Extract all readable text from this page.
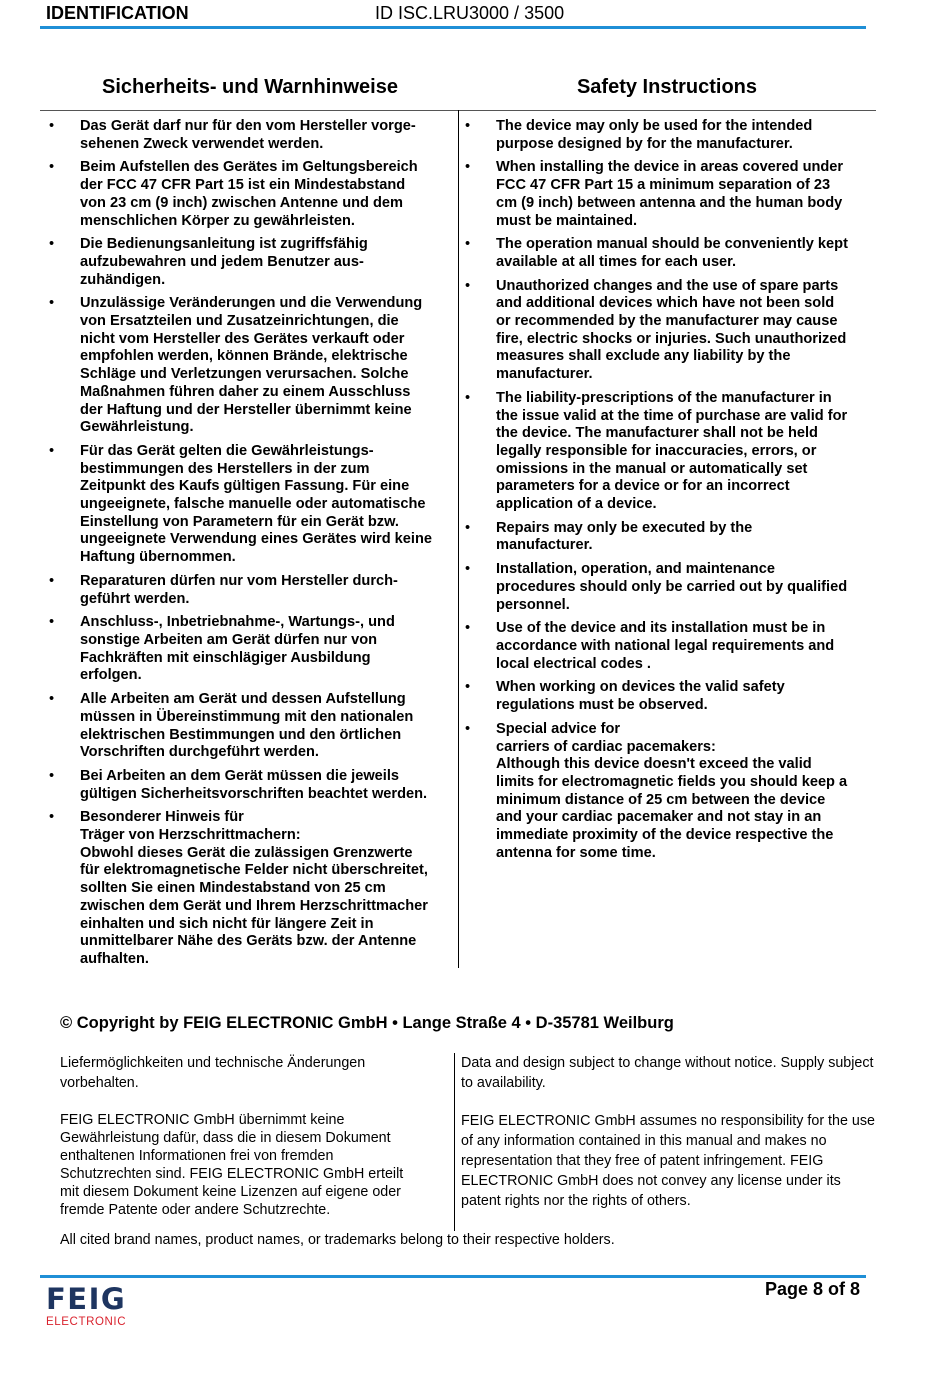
IDENTIFICATION	ID ISC.LRU3000 / 3500
Sicherheits- und Warnhinweise	Safety Instructions
• Das Gerät darf nur für den vom Hersteller vorge-
sehenen Zweck verwendet werden.
• Beim Aufstellen des Gerätes im Geltungsbereich
der FCC 47 CFR Part 15 ist ein Mindestabstand
von 23 cm (9 inch) zwischen Antenne und dem
menschlichen Körper zu gewährleisten.
• Die Bedienungsanleitung ist zugriffsfähig
aufzubewahren und jedem Benutzer aus-
zuhändigen.
• Unzulässige Veränderungen und die Verwendung
von Ersatzteilen und Zusatzeinrichtungen, die
nicht vom Hersteller des Gerätes verkauft oder
empfohlen werden, können Brände, elektrische
Schläge und Verletzungen verursachen. Solche
Maßnahmen führen daher zu einem Ausschluss
der Haftung und der Hersteller übernimmt keine
Gewährleistung.
• Für das Gerät gelten die Gewährleistungs-
bestimmungen des Herstellers in der zum
Zeitpunkt des Kaufs gültigen Fassung. Für eine
ungeeignete, falsche manuelle oder automatische
Einstellung von Parametern für ein Gerät bzw.
ungeeignete Verwendung eines Gerätes wird keine
Haftung übernommen.
• Reparaturen dürfen nur vom Hersteller durch-
geführt werden.
• Anschluss-, Inbetriebnahme-, Wartungs-, und
sonstige Arbeiten am Gerät dürfen nur von
Fachkräften mit einschlägiger Ausbildung
erfolgen.
• Alle Arbeiten am Gerät und dessen Aufstellung
müssen in Übereinstimmung mit den nationalen
elektrischen Bestimmungen und den örtlichen
Vorschriften durchgeführt werden.
• Bei Arbeiten an dem Gerät müssen die jeweils
gültigen Sicherheitsvorschriften beachtet werden.
• Besonderer Hinweis für
Träger von Herzschrittmachern:
Obwohl dieses Gerät die zulässigen Grenzwerte
für elektromagnetische Felder nicht überschreitet,
sollten Sie einen Mindestabstand von 25 cm
zwischen dem Gerät und Ihrem Herzschrittmacher
einhalten und sich nicht für längere Zeit in
unmittelbarer Nähe des Geräts bzw. der Antenne
aufhalten.
• The device may only be used for the intended
purpose designed by for the manufacturer.
• When installing the device in areas covered under
FCC 47 CFR Part 15 a minimum separation of 23
cm (9 inch) between antenna and the human body
must be maintained.
• The operation manual should be conveniently kept
available at all times for each user.
• Unauthorized changes and the use of spare parts
and additional devices which have not been sold
or recommended by the manufacturer may cause
fire, electric shocks or injuries. Such unauthorized
measures shall exclude any liability by the
manufacturer.
• The liability-prescriptions of the manufacturer in
the issue valid at the time of purchase are valid for
the device. The manufacturer shall not be held
legally responsible for inaccuracies, errors, or
omissions in the manual or automatically set
parameters for a device or for an incorrect
application of a device.
• Repairs may only be executed by the
manufacturer.
• Installation, operation, and maintenance
procedures should only be carried out by qualified
personnel.
• Use of the device and its installation must be in
accordance with national legal requirements and
local electrical codes .
• When working on devices the valid safety
regulations must be observed.
• Special advice for
carriers of cardiac pacemakers:
Although this device doesn't exceed the valid
limits for electromagnetic fields you should keep a
minimum distance of 25 cm between the device
and your cardiac pacemaker and not stay in an
immediate proximity of the device respective the
antenna for some time.
© Copyright by FEIG ELECTRONIC GmbH • Lange Straße 4 • D-35781 Weilburg

Liefermöglichkeiten und technische Änderungen
vorbehalten.

FEIG ELECTRONIC GmbH übernimmt keine
Gewährleistung dafür, dass die in diesem Dokument
enthaltenen Informationen frei von fremden
Schutzrechten sind. FEIG ELECTRONIC GmbH erteilt
mit diesem Dokument keine Lizenzen auf eigene oder
fremde Patente oder andere Schutzrechte.

Data and design subject to change without notice. Supply subject
to availability.

FEIG ELECTRONIC GmbH assumes no responsibility for the use
of any information contained in this manual and makes no
representation that they free of patent infringement. FEIG
ELECTRONIC GmbH does not convey any license under its
patent rights nor the rights of others.

All cited brand names, product names, or trademarks belong to their respective holders.
FEIG
ELECTRONIC
Page 8 of 8
